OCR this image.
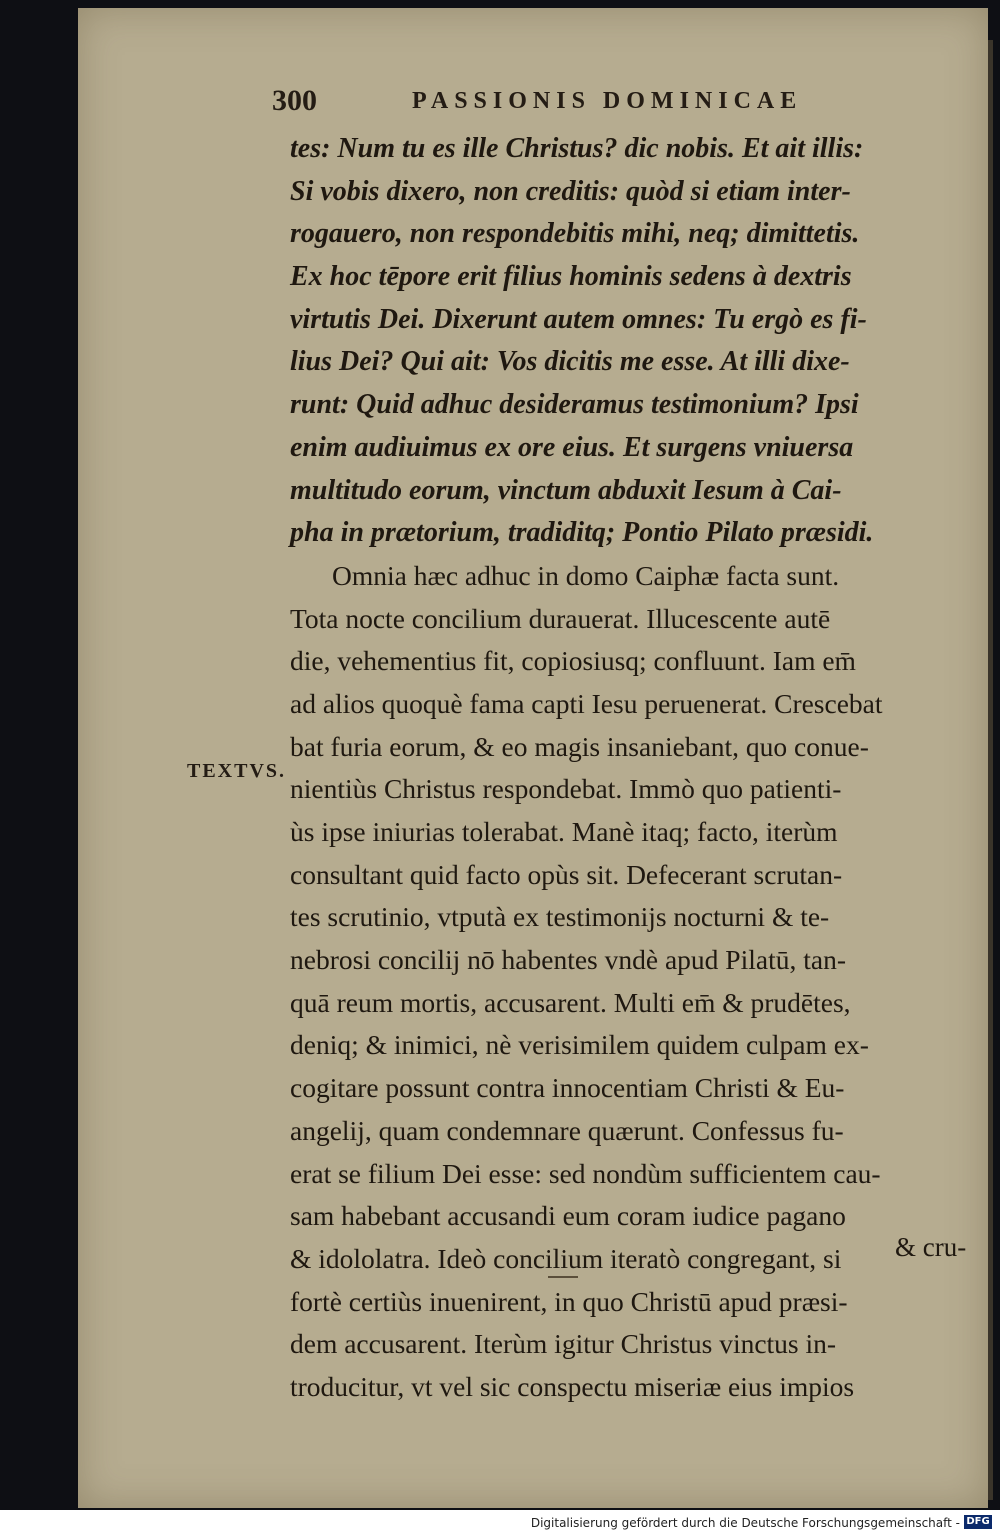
300	PASSIONIS DOMINICAE
TEXTVS.
tes: Num tu es ille Christus? dic nobis. Et ait illis:
Si vobis dixero, non creditis: quòd si etiam inter-
rogauero, non respondebitis mihi, neq; dimittetis.
Ex hoc tēpore erit filius hominis sedens à dextris
virtutis Dei. Dixerunt autem omnes: Tu ergò es fi-
lius Dei? Qui ait: Vos dicitis me esse. At illi dixe-
runt: Quid adhuc desideramus testimonium? Ipsi
enim audiuimus ex ore eius. Et surgens vniuersa
multitudo eorum, vinctum abduxit Iesum à Cai-
pha in prætorium, tradiditq; Pontio Pilato præsidi.
Omnia hæc adhuc in domo Caiphæ facta sunt.
Tota nocte concilium durauerat. Illucescente autē
die, vehementius fit, copiosiusq; confluunt. Iam em̄
ad alios quoquè fama capti Iesu peruenerat. Crescebat
bat furia eorum, & eo magis insaniebant, quo conue-
nientiùs Christus respondebat. Immò quo patienti-
ùs ipse iniurias tolerabat. Manè itaq; facto, iterùm
consultant quid facto opùs sit. Defecerant scrutan-
tes scrutinio, vtputà ex testimonijs nocturni & te-
nebrosi concilij nō habentes vndè apud Pilatū, tan-
quā reum mortis, accusarent. Multi em̄ & prudētes,
deniq; & inimici, nè verisimilem quidem culpam ex-
cogitare possunt contra innocentiam Christi & Eu-
angelij, quam condemnare quærunt. Confessus fu-
erat se filium Dei esse: sed nondùm sufficientem cau-
sam habebant accusandi eum coram iudice pagano
& idololatra. Ideò concilium iteratò congregant, si
fortè certiùs inuenirent, in quo Christū apud præsi-
dem accusarent. Iterùm igitur Christus vinctus in-
troducitur, vt vel sic conspectu miseriæ eius impios
& cru-
Digitalisierung gefördert durch die Deutsche Forschungsgemeinschaft - DFG
